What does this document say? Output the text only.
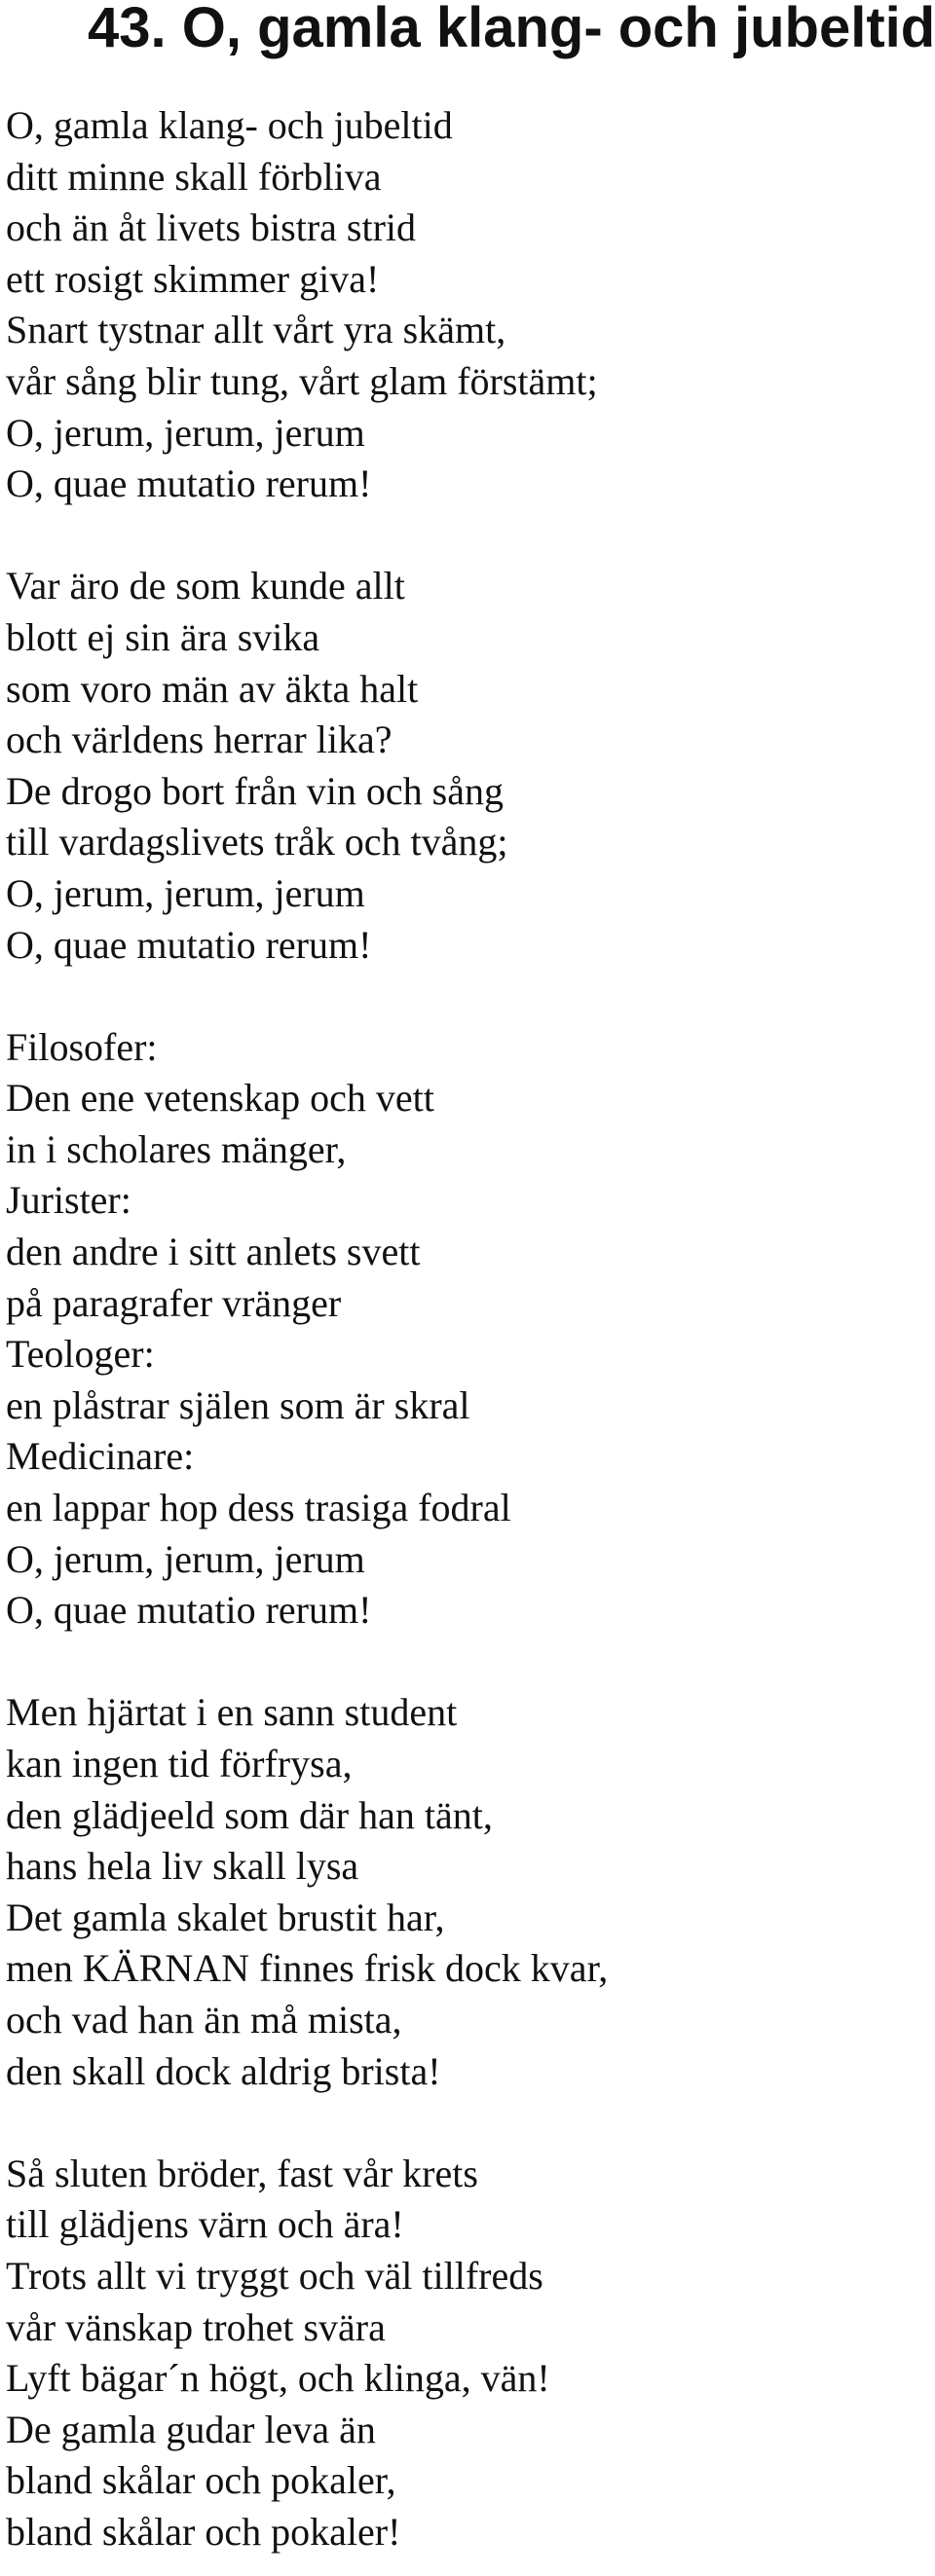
43. O, gamla klang- och jubeltid
O, gamla klang- och jubeltid
ditt minne skall förbliva
och än åt livets bistra strid
ett rosigt skimmer giva!
Snart tystnar allt vårt yra skämt,
vår sång blir tung, vårt glam förstämt;
O, jerum, jerum, jerum
O, quae mutatio rerum!
Var äro de som kunde allt
blott ej sin ära svika
som voro män av äkta halt
och världens herrar lika?
De drogo bort från vin och sång
till vardagslivets tråk och tvång;
O, jerum, jerum, jerum
O, quae mutatio rerum!
Filosofer:
Den ene vetenskap och vett
in i scholares mänger,
Jurister:
den andre i sitt anlets svett
på paragrafer vränger
Teologer:
en plåstrar själen som är skral
Medicinare:
en lappar hop dess trasiga fodral
O, jerum, jerum, jerum
O, quae mutatio rerum!
Men hjärtat i en sann student
kan ingen tid förfrysa,
den glädjeeld som där han tänt,
hans hela liv skall lysa
Det gamla skalet brustit har,
men KÄRNAN finnes frisk dock kvar,
och vad han än må mista,
den skall dock aldrig brista!
Så sluten bröder, fast vår krets
till glädjens värn och ära!
Trots allt vi tryggt och väl tillfreds
vår vänskap trohet svära
Lyft bägar´n högt, och klinga, vän!
De gamla gudar leva än
bland skålar och pokaler,
bland skålar och pokaler!
